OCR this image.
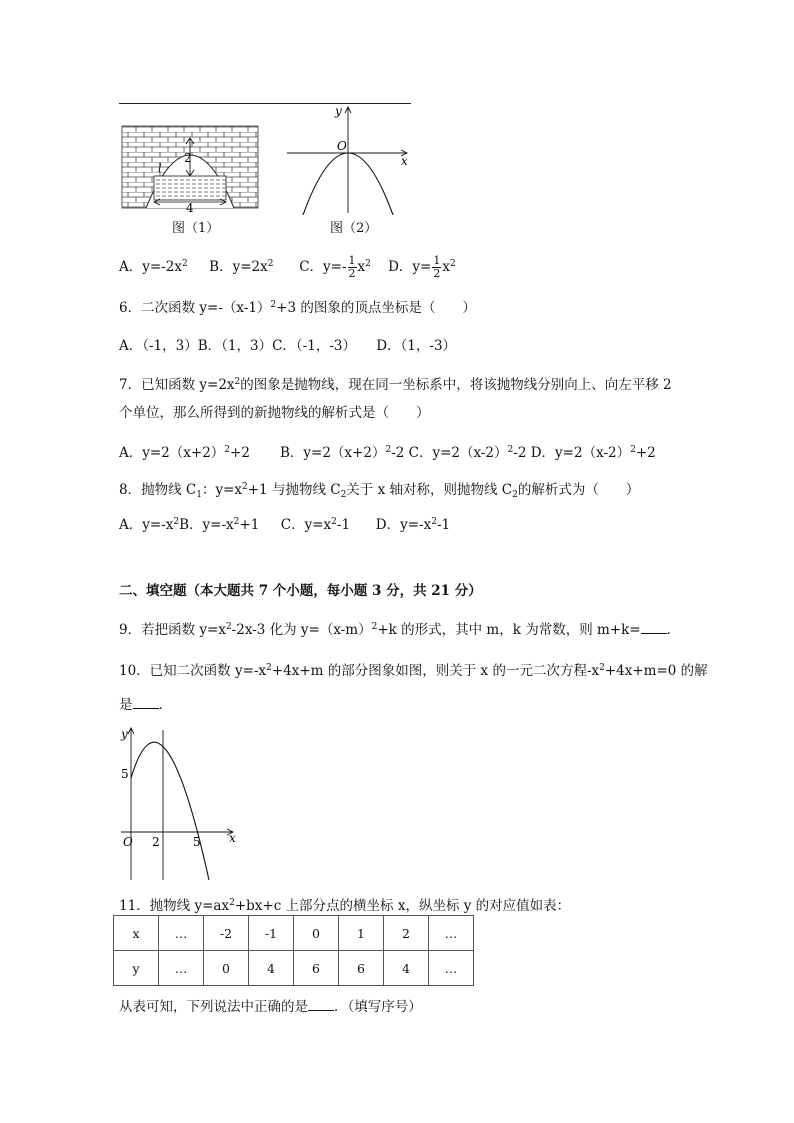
2
l
4
图（1）
x
y
O
图（2）
A．$y=-2x^2$ B．$y=2x^2$ C．$y=- \frac{1}{2} x^2$ D．$y= \frac{1}{2} x^2$
6．二次函数 $y=-(x-1)^2+3$ 的图象的顶点坐标是（　　）
A．（-1，3）B．（1，3）C．（-1，-3）　　D．（1，-3）
7．已知函数 $y=2x^2$的图象是抛物线，现在同一坐标系中，将该抛物线分别向上、向左平移 2
个单位，那么所得到的新抛物线的解析式是（　　）
A．$y=2(x+2)^2+2$ B．$y=2(x+2)^2-2$ C．$y=2(x-2)^2-2$ D．$y=2(x-2)^2+2$
8．抛物线 $C_1$：$y=x^2+1$ 与抛物线 $C_2$关于 x 轴对称，则抛物线 $C_2$的解析式为（　　）
A．$y=-x^2B$．$y=-x^2+1$ C．$y=x^2-1$ D．$y=-x^2-1$
二、填空题（本大题共 7 个小题，每小题 3 分，共 21 分）
9．若把函数 $y=x^2-2x-3$ 化为 $y=(x-m)^2+k$ 的形式，其中 m，k 为常数，则 m+k= ．
10．已知二次函数 $y=-x^2+4x+m$ 的部分图象如图，则关于 x 的一元二次方程$-x^2+4x+m=0$ 的解
是 ．
y
x
O
5
2	5
11．抛物线 $y=ax^2+bx+c$ 上部分点的横坐标 x，纵坐标 y 的对应值如表：
x	…	-2	-1	0	1	2	…
y	…	0	4	6	6	4	…
从表可知，下列说法中正确的是 ．（填写序号）
